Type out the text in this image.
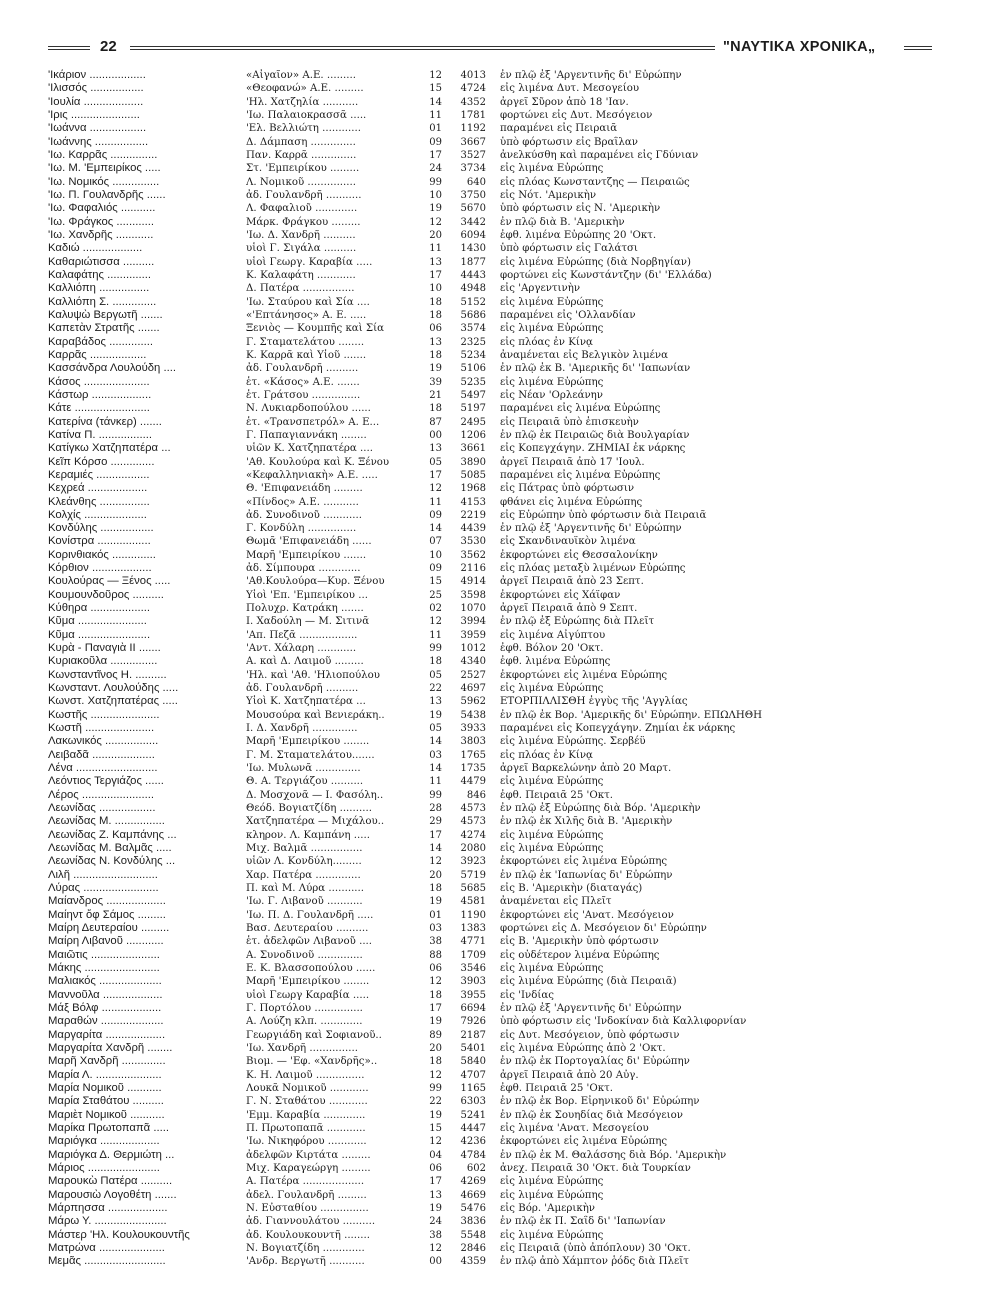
22	"ΝΑΥΤΙΚΑ ΧΡΟΝΙΚΑ„
'Ικάριον ..................	«Αἰγαῖον» Α.Ε. .........	12	4013 ἐν πλῷ ἐξ 'Αργεντινῆς δι' Εὐρώπην
'Ιλισσός .................	«Θεοφανώ» Α.Ε. .........	15	4724 εἰς λιμένα Δυτ. Μεσογείου
'Ιουλία ...................	'Ηλ. Χατζηλία ...........	14	4352 ἀργεῖ Σῦρον ἀπὸ 18 'Ιαν.
'Ιρις ......................	'Ιω. Παλαιοκρασσᾶ .....	11	1781 φορτώνει εἰς Δυτ. Μεσόγειον
'Ιωάννα ..................	'Ελ. Βελλιώτη ............	01	1192 παραμένει εἰς Πειραιᾶ
'Ιωάννης .................	Δ. Δάμπαση ..............	09	3667 ὑπὸ φόρτωσιν εἰς Βραΐλαν
'Ιω. Καρρᾶς ...............	Παν. Καρρᾶ ..............	17	3527 ἀνελκύσθη καὶ παραμένει εἰς Γδύνιαν
'Ιω. Μ. 'Εμπειρίκος .....	Στ. 'Εμπειρίκου .........	24	3734 εἰς λιμένα Εὐρώπης
'Ιω. Νομικός ...............	Λ. Νομικοῦ ...............	99	640 εἰς πλόας Κωνσταντζης — Πειραιῶς
'Ιω. Π. Γουλανδρῆς ......	ἀδ. Γουλανδρῆ ...........	10	3750 εἰς Νότ. 'Αμερικὴν
'Ιω. Φαφαλιός ...........	Λ. Φαφαλιοῦ .............	19	5670 ὑπὸ φόρτωσιν εἰς Ν. 'Αμερικὴν
'Ιω. Φράγκος ............	Μάρκ. Φράγκου .........	12	3442 ἐν πλῷ διὰ Β. 'Αμερικὴν
'Ιω. Χανδρῆς ............	'Ιω. Δ. Χανδρῆ ..........	20	6094 ἐφθ. λιμένα Εὐρώπης 20 'Οκτ.
Καδιώ ...................	υἱοὶ Γ. Σιγάλα ..........	11	1430 ὑπὸ φόρτωσιν εἰς Γαλάτσι
Καθαριώτισσα ..........	υἱοὶ Γεωργ. Καραβία .....	13	1877 εἰς λιμένα Εὐρώπης (διὰ Νορβηγίαν)
Καλαφάτης ..............	Κ. Καλαφάτη ............	17	4443 φορτώνει εἰς Κωνστάντζην (δι' 'Ελλάδα)
Καλλιόπη ................	Δ. Πατέρα ................	10	4948 εἰς 'Αργεντινὴν
Καλλιόπη Σ. ..............	'Ιω. Σταύρου καὶ Σία ....	18	5152 εἰς λιμένα Εὐρώπης
Καλυψὼ Βεργωτῆ .......	«'Επτάνησος» Α. Ε. .....	18	5686 παραμένει εἰς 'Ολλανδίαν
Καπετὰν Στρατῆς .......	Ξενιὸς — Κουμπῆς καὶ Σία	06	3574 εἰς λιμένα Εὐρώπης
Καραβάδος ..............	Γ. Σταματελάτου ........	13	2325 εἰς πλόας ἐν Κίνᾳ
Καρρᾶς ..................	Κ. Καρρᾶ καὶ Υἱοῦ .......	18	5234 ἀναμένεται εἰς Βελγικὸν λιμένα
Κασσάνδρα Λουλούδη ....	ἀδ. Γουλανδρῆ ..........	19	5106 ἐν πλῷ ἐκ Β. 'Αμερικῆς δι' 'Ιαπωνίαν
Κάσος .....................	ἑτ. «Κάσος» Α.Ε. .......	39	5235 εἰς λιμένα Εὐρώπης
Κάστωρ ...................	ἑτ. Γράτσου ...............	21	5497 εἰς Νέαν 'Ορλεάνην
Κάτε ........................	Ν. Λυκιαρδοπούλου ......	18	5197 παραμένει εἰς λιμένα Εὐρώπης
Κατερίνα (τάνκερ) .......	ἑτ. «Τρανσπετρόλ» Α. Ε...	87	2495 εἰς Πειραιᾶ ὑπὸ ἐπισκευὴν
Κατίνα Π. .................	Γ. Παπαγιαννάκη ........	00	1206 ἐν πλῷ ἐκ Πειραιῶς διὰ Βουλγαρίαν
Κατίγκω Χατζηπατέρα ...	υἱῶν Κ. Χατζηπατέρα ....	13	3661 εἰς Κοπεγχάγην. ΖΗΜΙΑΙ ἐκ νάρκης
Κεῖπ Κόρσο ..............	'Αθ. Κουλούρα καὶ Κ. Ξένου	05	3890 ἀργεῖ Πειραιᾶ ἀπὸ 17 'Ιουλ.
Κεραμιές .................	«Κεφαλληνιακὴ» Α.Ε. .....	17	5085 παραμένει εἰς λιμένα Εὐρώπης
Κεχρεά ...................	Θ. 'Επιφανειάδη .........	12	1968 εἰς Πάτρας ὑπὸ φόρτωσιν
Κλεάνθης ................	«Πίνδος» Α.Ε. ...........	11	4153 φθάνει εἰς λιμένα Εὐρώπης
Κολχίς ....................	ἀδ. Συνοδινοῦ ............	09	2219 εἰς Εὐρώπην ὑπὸ φόρτωσιν διὰ Πειραιᾶ
Κονδύλης .................	Γ. Κονδύλη ...............	14	4439 ἐν πλῷ ἐξ 'Αργεντινῆς δι' Εὐρώπην
Κονίστρα .................	Θωμᾶ 'Επιφανειάδη ......	07	3530 εἰς Σκανδιναυϊκὸν λιμένα
Κορινθιακός ..............	Μαρῆ 'Εμπειρίκου .......	10	3562 ἐκφορτώνει εἰς Θεσσαλονίκην
Κόρθιον ...................	ἀδ. Σίμπουρα .............	09	2116 εἰς πλόας μεταξὺ λιμένων Εὐρώπης
Κουλούρας — Ξένος .....	'Αθ.Κουλούρα—Κυρ. Ξένου	15	4914 ἀργεῖ Πειραιᾶ ἀπὸ 23 Σεπτ.
Κουμουνδοῦρος ..........	Υἱοὶ 'Επ. 'Εμπειρίκου ...	25	3598 ἐκφορτώνει εἰς Χάϊφαν
Κύθηρα ...................	Πολυχρ. Κατράκη .......	02	1070 ἀργεῖ Πειραιᾶ ἀπὸ 9 Σεπτ.
Κῦμα ......................	Ι. Χαδούλη — Μ. Σιτινᾶ	12	3994 ἐν πλῷ ἐξ Εὐρώπης διὰ Πλεῖτ
Κῦμα .......................	'Απ. Πεζᾶ ..................	11	3959 εἰς λιμένα Αἰγύπτου
Κυρὰ - Παναγιὰ ΙΙ .......	'Αντ. Χάλαρη ............	99	1012 ἐφθ. Βόλον 20 'Οκτ.
Κυριακοῦλα ...............	Α. καὶ Δ. Λαιμοῦ .........	18	4340 ἐφθ. λιμένα Εὐρώπης
Κωνσταντῖνος Η. ..........	'Ηλ. καὶ 'Αθ. 'Ηλιοπούλου	05	2527 ἐκφορτώνει εἰς λιμένα Εὐρώπης
Κωνσταντ. Λουλούδης .....	ἀδ. Γουλανδρῆ ..........	22	4697 εἰς λιμένα Εὐρώπης
Κωνστ. Χατζηπατέρας .....	Υἱοὶ Κ. Χατζηπατέρα ...	13	5962 ΕΤΟΡΠΙΛΛΙΣΘΗ ἐγγὺς τῆς 'Αγγλίας
Κωστῆς ......................	Μουσούρα καὶ Βενιεράκη..	19	5438 ἐν πλῷ ἐκ Βορ. 'Αμερικῆς δι' Εὐρώπην. ΕΠΩΛΗΘΗ
Κωστῆ ......................	Ι. Δ. Χανδρῆ ..............	05	3933 παραμένει εἰς Κοπεγχάγην. Ζημίαι ἐκ νάρκης
Λακωνικός .................	Μαρῆ 'Εμπειρίκου ........	14	3803 εἰς λιμένα Εὐρώπης. Σερβέϋ
Λειβαδᾶ ....................	Γ. Μ. Σταματελάτου.......	03	1765 εἰς πλόας ἐν Κίνᾳ
Λένα ..........................	'Ιω. Μυλωνᾶ ..............	14	1735 ἀργεῖ Βαρκελώνην ἀπὸ 20 Μαρτ.
Λεόντιος Τεργιάζος ......	Θ. Α. Τεργιάζου ..........	11	4479 εἰς λιμένα Εὐρώπης
Λέρος .......................	Δ. Μοσχονᾶ — Ι. Φασόλη..	99	846 ἐφθ. Πειραιᾶ 25 'Οκτ.
Λεωνίδας ..................	Θεόδ. Βογιατζίδη ..........	28	4573 ἐν πλῷ ἐξ Εὐρώπης διὰ Βόρ. 'Αμερικὴν
Λεωνίδας Μ. ................	Χατζηπατέρα — Μιχάλου..	29	4573 ἐν πλῷ ἐκ Χιλῆς διὰ Β. 'Αμερικὴν
Λεωνίδας Ζ. Καμπάνης ...	κληρον. Λ. Καμπάνη .....	17	4274 εἰς λιμένα Εὐρώπης
Λεωνίδας Μ. Βαλμᾶς .....	Μιχ. Βαλμᾶ ................	14	2080 εἰς λιμένα Εὐρώπης
Λεωνίδας Ν. Κονδύλης ...	υἱῶν Λ. Κονδύλη.........	12	3923 ἐκφορτώνει εἰς λιμένα Εὐρώπης
Λιλῆ ...........................	Χαρ. Πατέρα ..............	20	5719 ἐν πλῷ ἐκ 'Ιαπωνίας δι' Εὐρώπην
Λύρας ........................	Π. καὶ Μ. Λύρα ...........	18	5685 εἰς Β. 'Αμερικὴν (διαταγάς)
Μαίανδρος ...................	'Ιω. Γ. Λιβανοῦ ...........	19	4581 ἀναμένεται εἰς Πλεῖτ
Μαίηντ ὄφ Σάμος .........	'Ιω. Π. Δ. Γουλανδρῆ .....	01	1190 ἐκφορτώνει εἰς 'Ανατ. Μεσόγειον
Μαίρη Δευτεραίου .........	Βασ. Δευτεραίου ..........	03	1383 φορτώνει εἰς Δ. Μεσόγειον δι' Εὐρώπην
Μαίρη Λιβανοῦ ............	ἑτ. ἀδελφῶν Λιβανοῦ ....	38	4771 εἰς Β. 'Αμερικὴν ὑπὸ φόρτωσιν
Μαιῶτις ......................	Α. Συνοδινοῦ ..............	88	1709 εἰς οὐδέτερον λιμένα Εὐρώπης
Μάκης ........................	Ε. Κ. Βλασσοπούλου ......	06	3546 εἰς λιμένα Εὐρώπης
Μαλιακός ....................	Μαρῆ 'Εμπειρίκου ........	12	3903 εἰς λιμένα Εὐρώπης (διὰ Πειραιᾶ)
Μαννοῦλα ...................	υἱοὶ Γεωργ Καραβία .....	18	3955 εἰς 'Ινδίας
Μάξ Βόλφ ...................	Γ. Πορτόλου ...............	17	6694 ἐν πλῷ ἐξ 'Αργεντινῆς δι' Εὐρώπην
Μαραθών ....................	Α. Λούζη κλπ. .............	19	7926 ὑπὸ φόρτωσιν εἰς 'Ινδοκίναν διὰ Καλλιφορνίαν
Μαργαρίτα ...................	Γεωργιάδη καὶ Σοφιανοῦ..	89	2187 εἰς Δυτ. Μεσόγειον, ὑπὸ φόρτωσιν
Μαργαρίτα Χανδρῆ ........	'Ιω. Χανδρῆ ...............	20	5401 εἰς λιμένα Εὐρώπης ἀπὸ 2 'Οκτ.
Μαρῆ Χανδρῆ ..............	Βιομ. — 'Εφ. «Χανδρῆς»..	18	5840 ἐν πλῷ ἐκ Πορτογαλίας δι' Εὐρώπην
Μαρία Λ. .....................	Κ. Η. Λαιμοῦ ...............	12	4707 ἀργεῖ Πειραιᾶ ἀπὸ 20 Αὐγ.
Μαρία Νομικοῦ ...........	Λουκᾶ Νομικοῦ ............	99	1165 ἐφθ. Πειραιᾶ 25 'Οκτ.
Μαρία Σταθάτου ..........	Γ. Ν. Σταθάτου ............	22	6303 ἐν πλῷ ἐκ Βορ. Εἰρηνικοῦ δι' Εὐρώπην
Μαριὲτ Νομικοῦ ...........	'Εμμ. Καραβία .............	19	5241 ἐν πλῷ ἐκ Σουηδίας διὰ Μεσόγειον
Μαρίκα Πρωτοπαπᾶ .....	Π. Πρωτοπαπᾶ ............	15	4447 εἰς λιμένα 'Ανατ. Μεσογείου
Μαριόγκα ...................	'Ιω. Νικηφόρου ............	12	4236 ἐκφορτώνει εἰς λιμένα Εὐρώπης
Μαριόγκα Δ. Θερμιώτη ...	ἀδελφῶν Κιρτάτα .........	04	4784 ἐν πλῷ ἐκ Μ. Θαλάσσης διὰ Βόρ. 'Αμερικὴν
Μάριος .......................	Μιχ. Καραγεώργη .........	06	602 ἀνεχ. Πειραιᾶ 30 'Οκτ. διὰ Τουρκίαν
Μαρουκὼ Πατέρα ..........	Α. Πατέρα ...................	17	4269 εἰς λιμένα Εὐρώπης
Μαρουσιὼ Λογοθέτη .......	ἀδελ. Γουλανδρῆ .........	13	4669 εἰς λιμένα Εὐρώπης
Μάρπησσα ...................	Ν. Εὐσταθίου ...............	19	5476 εἰς Βόρ. 'Αμερικὴν
Μάρω Υ. .......................	ἀδ. Γιαννουλάτου ..........	24	3836 ἐν πλῷ ἐκ Π. Σαῒδ δι' 'Ιαπωνίαν
Μάστερ 'Ηλ. Κουλουκουντῆς	ἀδ. Κουλουκουντῆ ........	38	5548 εἰς λιμένα Εὐρώπης
Ματρώνα .....................	Ν. Βογιατζίδη .............	12	2846 εἰς Πειραιᾶ (ὑπὸ ἀπόπλουν) 30 'Οκτ.
Μεμᾶς ..........................	'Ανδρ. Βεργωτῆ ...........	00	4359 ἐν πλῷ ἀπὸ Χάμπτον ῥόδς διὰ Πλεῖτ
